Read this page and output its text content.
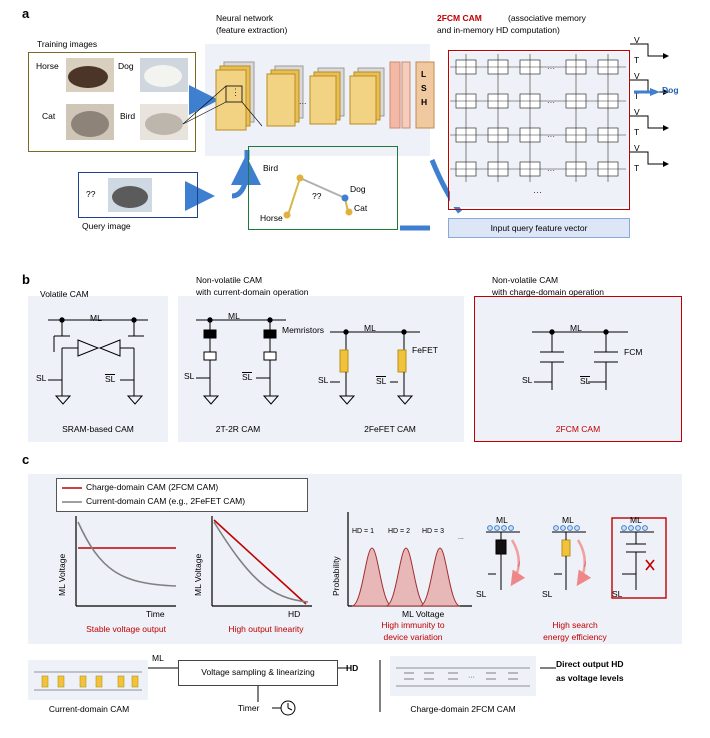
a	Neural network
(feature extraction)
2FCM CAM	(associative memory
and in-memory HD computation)
Training images
Horse	Dog
Cat	Bird
⋮
...
L
S
H
??
Query image
Bird
Dog
Cat
Horse
??
···
···
···
···
···
V
T
V
T
V
T
V
T
Dog
Input query feature vector
b
Volatile CAM
Non-volatile CAM
with current-domain operation
Non-volatile CAM
with charge-domain operation
ML
SL	SL
SRAM-based CAM
ML
Memristors
SL	SL
2T-2R CAM
ML
FeFET
SL	SL
2FeFET CAM
ML
FCM
SL	SL
2FCM CAM
c
Charge-domain CAM (2FCM CAM)
Current-domain CAM (e.g., 2FeFET CAM)
ML Voltage
Time
Stable voltage output
ML Voltage
HD
High output linearity
Probability
ML Voltage
HD = 1 HD = 2 HD = 3
...
High immunity to
device variation
ML	ML	ML
SL	SL	SL
i	i
High search
energy efficiency
Current-domain CAM
ML
Voltage sampling & linearizing	HD
Timer
···
Charge-domain 2FCM CAM
Direct output HD
as voltage levels
